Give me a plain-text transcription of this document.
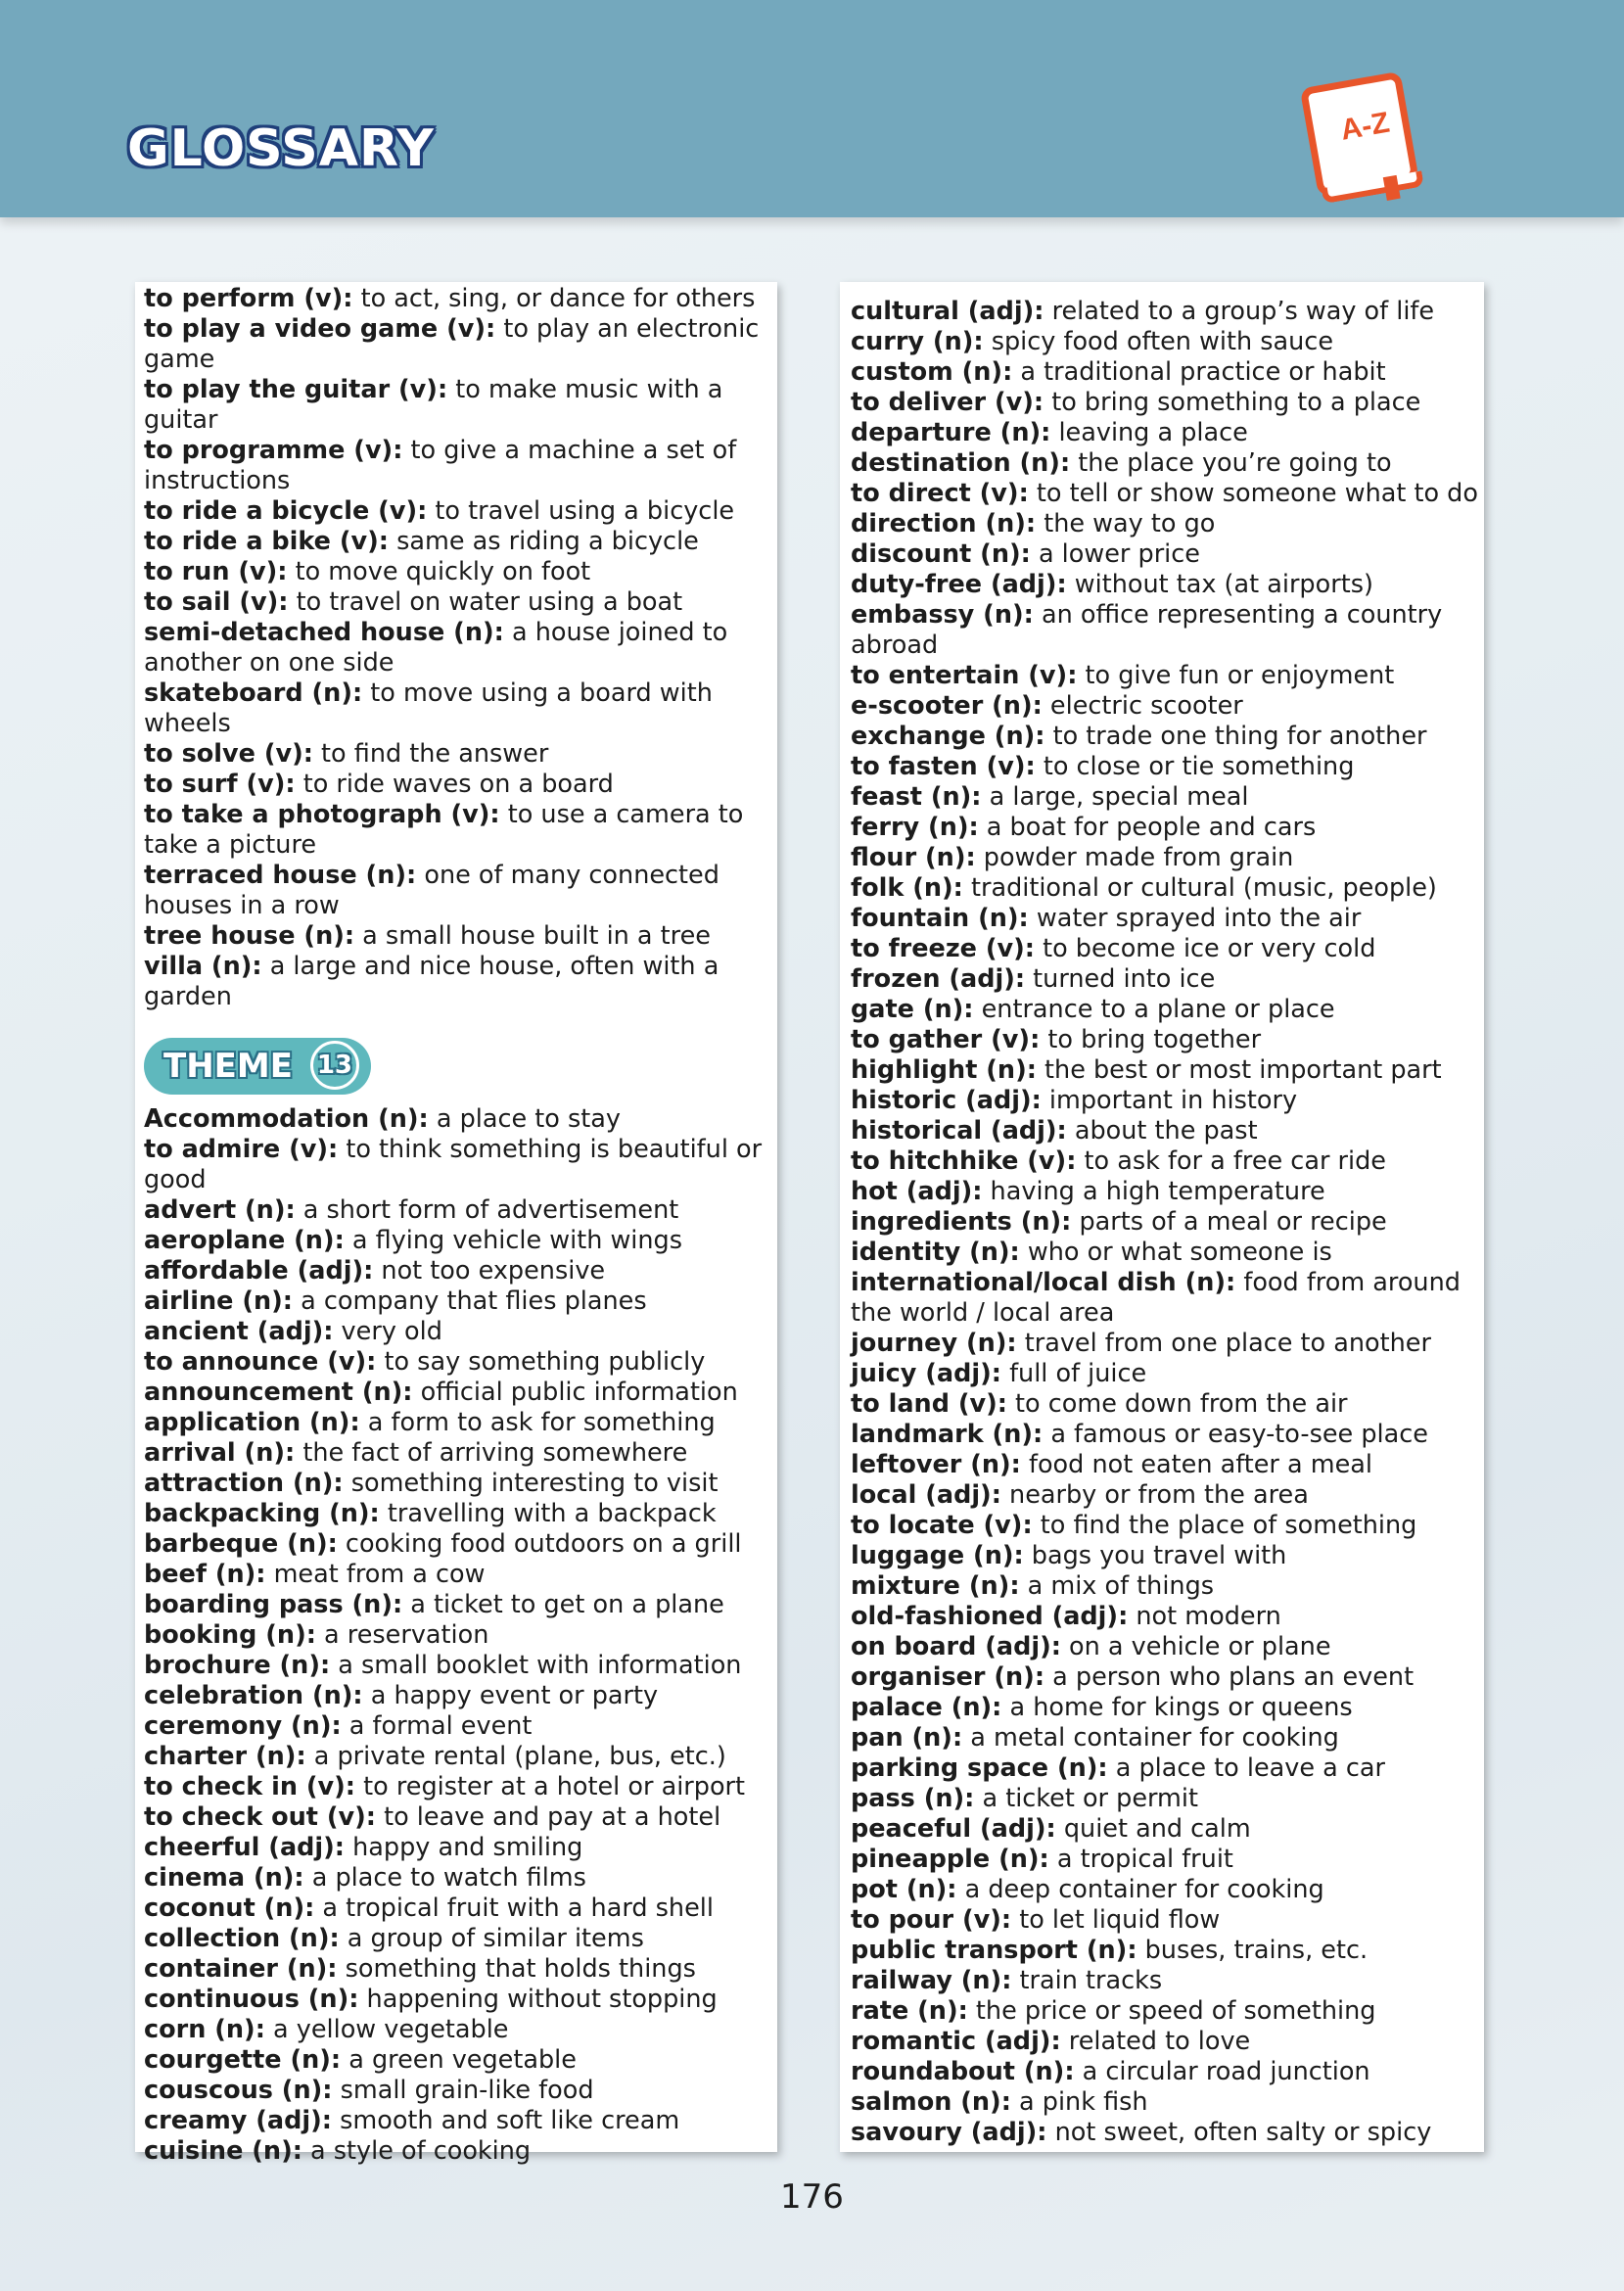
GLOSSARY	A-Z

to perform (v): to act, sing, or dance for others

to play a video game (v): to play an electronic game

to play the guitar (v): to make music with a guitar

to programme (v): to give a machine a set of instructions

to ride a bicycle (v): to travel using a bicycle

to ride a bike (v): same as riding a bicycle

to run (v): to move quickly on foot

to sail (v): to travel on water using a boat

semi-detached house (n): a house joined to another on one side

skateboard (n): to move using a board with wheels

to solve (v): to find the answer

to surf (v): to ride waves on a board

to take a photograph (v): to use a camera to take a picture

terraced house (n): one of many connected houses in a row

tree house (n): a small house built in a tree

villa (n): a large and nice house, often with a garden

THEME 13

Accommodation (n): a place to stay

to admire (v): to think something is beautiful or good

advert (n): a short form of advertisement

aeroplane (n): a flying vehicle with wings

affordable (adj): not too expensive

airline (n): a company that flies planes

ancient (adj): very old

to announce (v): to say something publicly

announcement (n): official public information

application (n): a form to ask for something

arrival (n): the fact of arriving somewhere

attraction (n): something interesting to visit

backpacking (n): travelling with a backpack

barbeque (n): cooking food outdoors on a grill

beef (n): meat from a cow

boarding pass (n): a ticket to get on a plane

booking (n): a reservation

brochure (n): a small booklet with information

celebration (n): a happy event or party

ceremony (n): a formal event

charter (n): a private rental (plane, bus, etc.)

to check in (v): to register at a hotel or airport

to check out (v): to leave and pay at a hotel

cheerful (adj): happy and smiling

cinema (n): a place to watch films

coconut (n): a tropical fruit with a hard shell

collection (n): a group of similar items

container (n): something that holds things

continuous (n): happening without stopping

corn (n): a yellow vegetable

courgette (n): a green vegetable

couscous (n): small grain-like food

creamy (adj): smooth and soft like cream

cuisine (n): a style of cooking

cultural (adj): related to a group’s way of life

curry (n): spicy food often with sauce

custom (n): a traditional practice or habit

to deliver (v): to bring something to a place

departure (n): leaving a place

destination (n): the place you’re going to

to direct (v): to tell or show someone what to do

direction (n): the way to go

discount (n): a lower price

duty-free (adj): without tax (at airports)

embassy (n): an office representing a country abroad

to entertain (v): to give fun or enjoyment

e-scooter (n): electric scooter

exchange (n): to trade one thing for another

to fasten (v): to close or tie something

feast (n): a large, special meal

ferry (n): a boat for people and cars

flour (n): powder made from grain

folk (n): traditional or cultural (music, people)

fountain (n): water sprayed into the air

to freeze (v): to become ice or very cold

frozen (adj): turned into ice

gate (n): entrance to a plane or place

to gather (v): to bring together

highlight (n): the best or most important part

historic (adj): important in history

historical (adj): about the past

to hitchhike (v): to ask for a free car ride

hot (adj): having a high temperature

ingredients (n): parts of a meal or recipe

identity (n): who or what someone is

international/local dish (n): food from around the world / local area

journey (n): travel from one place to another

juicy (adj): full of juice

to land (v): to come down from the air

landmark (n): a famous or easy-to-see place

leftover (n): food not eaten after a meal

local (adj): nearby or from the area

to locate (v): to find the place of something

luggage (n): bags you travel with

mixture (n): a mix of things

old-fashioned (adj): not modern

on board (adj): on a vehicle or plane

organiser (n): a person who plans an event

palace (n): a home for kings or queens

pan (n): a metal container for cooking

parking space (n): a place to leave a car

pass (n): a ticket or permit

peaceful (adj): quiet and calm

pineapple (n): a tropical fruit

pot (n): a deep container for cooking

to pour (v): to let liquid flow

public transport (n): buses, trains, etc.

railway (n): train tracks

rate (n): the price or speed of something

romantic (adj): related to love

roundabout (n): a circular road junction

salmon (n): a pink fish

savoury (adj): not sweet, often salty or spicy

176
